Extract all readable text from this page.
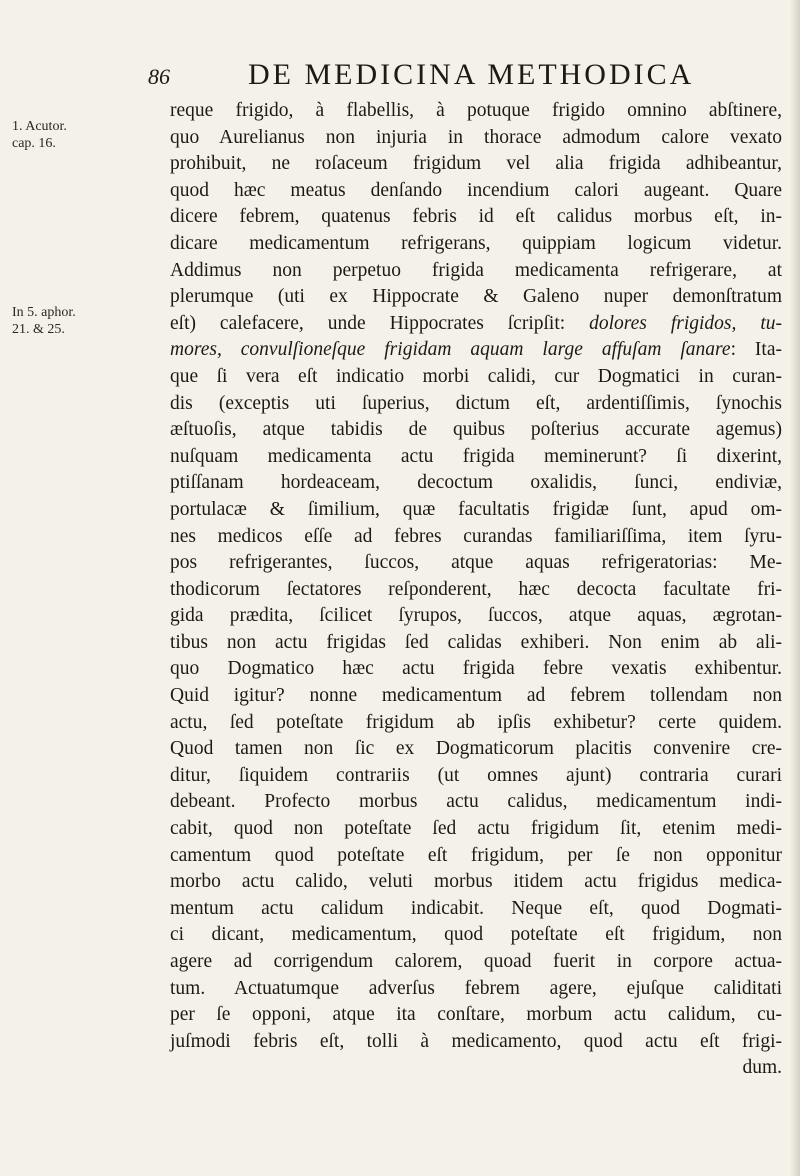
86	DE MEDICINA METHODICA
1. Acutor.
cap. 16.
In 5. aphor.
21. & 25.
reque frigido, à flabellis, à potuque frigido omnino abſtinere,
quo Aurelianus non injuria in thorace admodum calore vexato
prohibuit, ne roſaceum frigidum vel alia frigida adhibeantur,
quod hæc meatus denſando incendium calori augeant. Quare
dicere febrem, quatenus febris id eſt calidus morbus eſt, in-
dicare medicamentum refrigerans, quippiam logicum videtur.
Addimus non perpetuo frigida medicamenta refrigerare, at
plerumque (uti ex Hippocrate & Galeno nuper demonſtratum
eſt) calefacere, unde Hippocrates ſcripſit: dolores frigidos, tu-
mores, convulſioneſque frigidam aquam large affuſam ſanare: Ita-
que ſi vera eſt indicatio morbi calidi, cur Dogmatici in curan-
dis (exceptis uti ſuperius, dictum eſt, ardentiſſimis, ſynochis
æſtuoſis, atque tabidis de quibus poſterius accurate agemus)
nuſquam medicamenta actu frigida meminerunt? ſi dixerint,
ptiſſanam hordeaceam, decoctum oxalidis, ſunci, endiviæ,
portulacæ & ſimilium, quæ facultatis frigidæ ſunt, apud om-
nes medicos eſſe ad febres curandas familiariſſima, item ſyru-
pos refrigerantes, ſuccos, atque aquas refrigeratorias: Me-
thodicorum ſectatores reſponderent, hæc decocta facultate fri-
gida prædita, ſcilicet ſyrupos, ſuccos, atque aquas, ægrotan-
tibus non actu frigidas ſed calidas exhiberi. Non enim ab ali-
quo Dogmatico hæc actu frigida febre vexatis exhibentur.
Quid igitur? nonne medicamentum ad febrem tollendam non
actu, ſed poteſtate frigidum ab ipſis exhibetur? certe quidem.
Quod tamen non ſic ex Dogmaticorum placitis convenire cre-
ditur, ſiquidem contrariis (ut omnes ajunt) contraria curari
debeant. Profecto morbus actu calidus, medicamentum indi-
cabit, quod non poteſtate ſed actu frigidum ſit, etenim medi-
camentum quod poteſtate eſt frigidum, per ſe non opponitur
morbo actu calido, veluti morbus itidem actu frigidus medica-
mentum actu calidum indicabit. Neque eſt, quod Dogmati-
ci dicant, medicamentum, quod poteſtate eſt frigidum, non
agere ad corrigendum calorem, quoad fuerit in corpore actua-
tum. Actuatumque adverſus febrem agere, ejuſque caliditati
per ſe opponi, atque ita conſtare, morbum actu calidum, cu-
juſmodi febris eſt, tolli à medicamento, quod actu eſt frigi-
dum.
